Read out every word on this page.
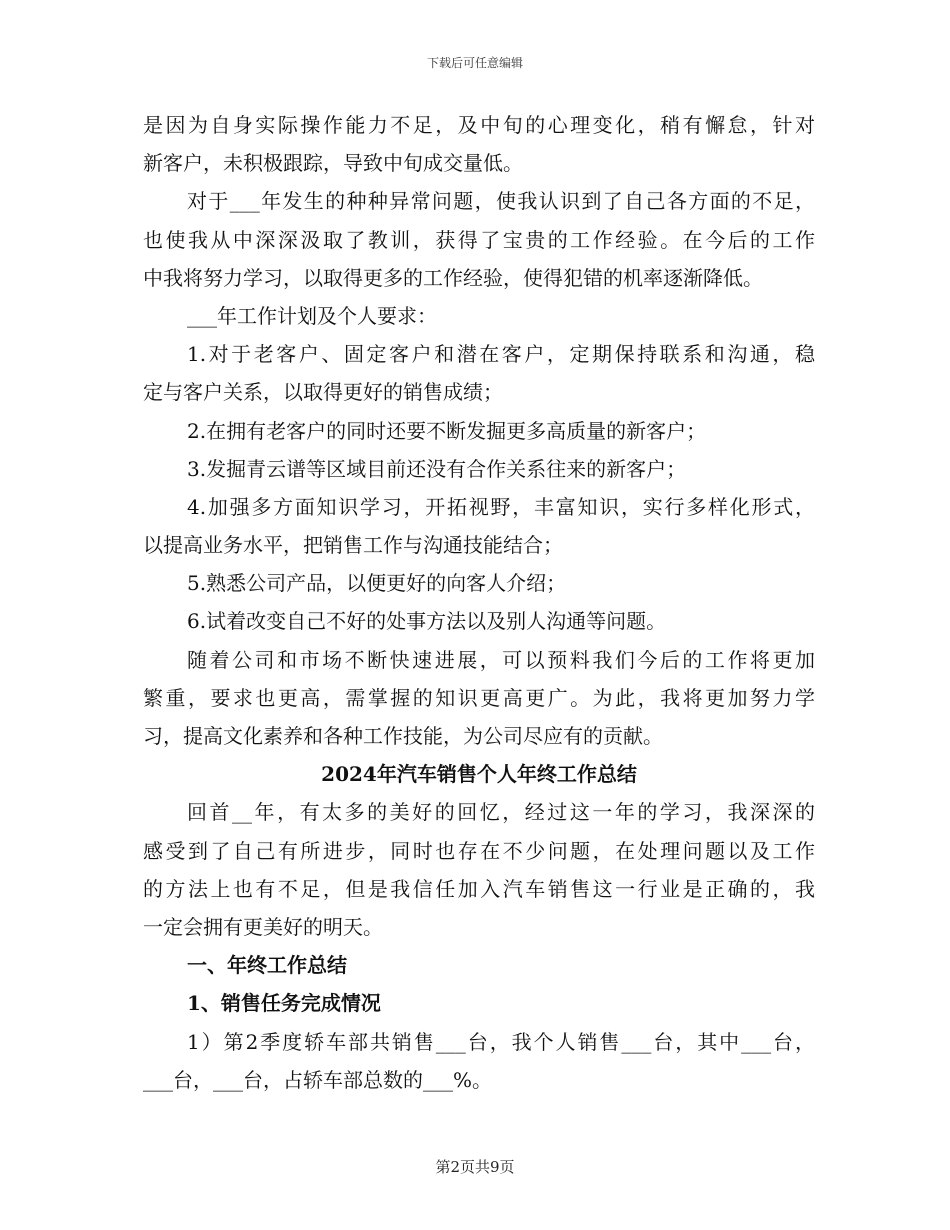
下载后可任意编辑
是因为自身实际操作能力不足，及中旬的心理变化，稍有懈怠，针对
新客户，未积极跟踪，导致中旬成交量低。
对于___年发生的种种异常问题，使我认识到了自己各方面的不足，
也使我从中深深汲取了教训，获得了宝贵的工作经验。在今后的工作
中我将努力学习，以取得更多的工作经验，使得犯错的机率逐渐降低。
___年工作计划及个人要求：
1.对于老客户、固定客户和潜在客户，定期保持联系和沟通，稳
定与客户关系，以取得更好的销售成绩；
2.在拥有老客户的同时还要不断发掘更多高质量的新客户；
3.发掘青云谱等区域目前还没有合作关系往来的新客户；
4.加强多方面知识学习，开拓视野，丰富知识，实行多样化形式，
以提高业务水平，把销售工作与沟通技能结合；
5.熟悉公司产品，以便更好的向客人介绍；
6.试着改变自己不好的处事方法以及别人沟通等问题。
随着公司和市场不断快速进展，可以预料我们今后的工作将更加
繁重，要求也更高，需掌握的知识更高更广。为此，我将更加努力学
习，提高文化素养和各种工作技能，为公司尽应有的贡献。
2024年汽车销售个人年终工作总结
回首__年，有太多的美好的回忆，经过这一年的学习，我深深的
感受到了自己有所进步，同时也存在不少问题，在处理问题以及工作
的方法上也有不足，但是我信任加入汽车销售这一行业是正确的，我
一定会拥有更美好的明天。
一、年终工作总结
1、销售任务完成情况
1）第2季度轿车部共销售___台，我个人销售___台，其中___台，
___台，___台，占轿车部总数的___%。
第2页共9页
